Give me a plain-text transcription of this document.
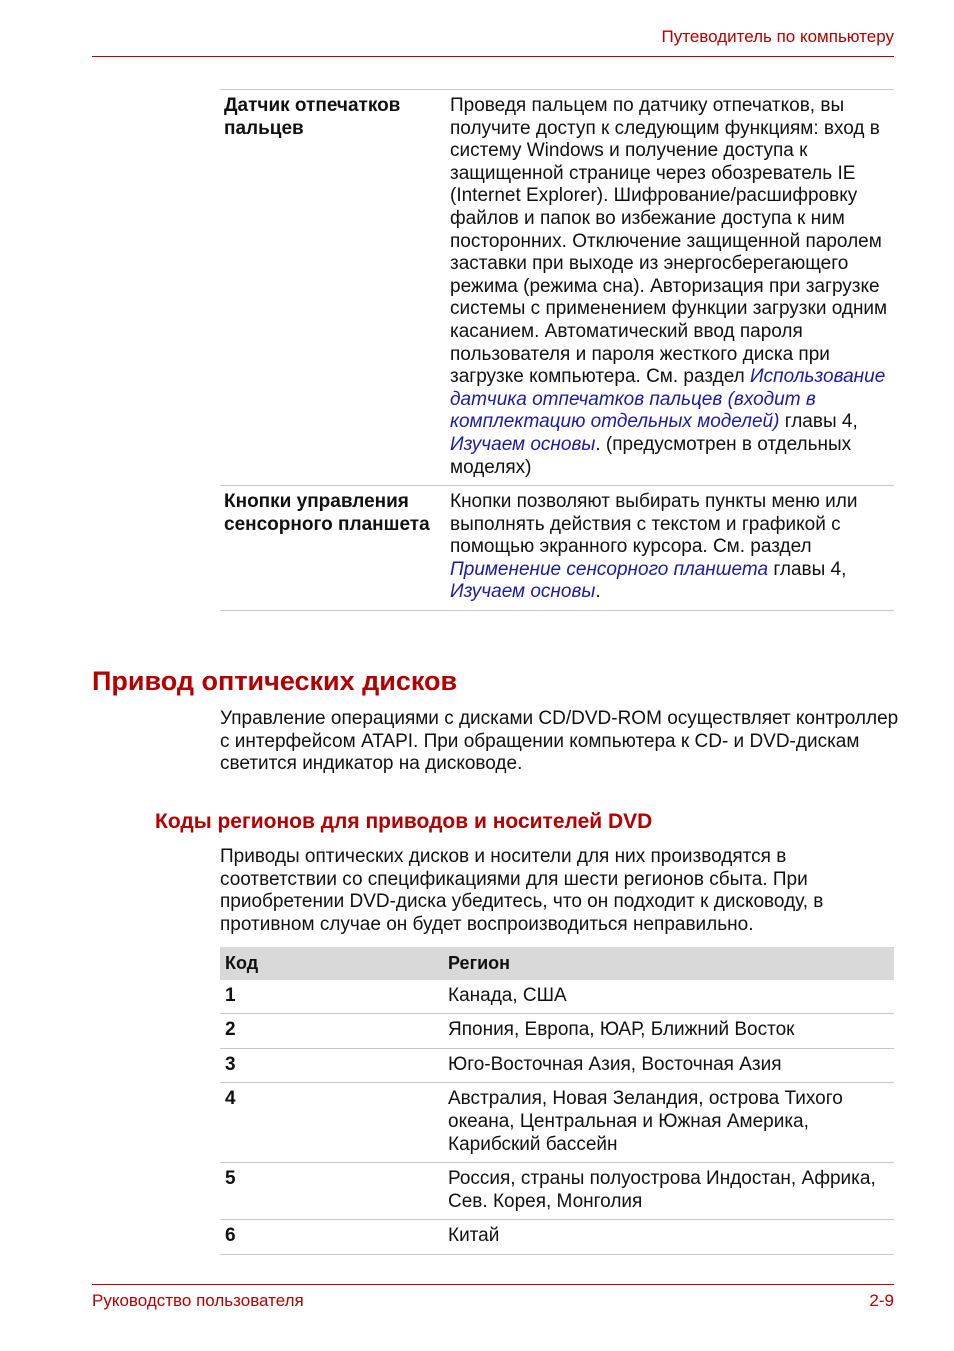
Путеводитель по компьютеру
Датчик отпечатков пальцев	Проведя пальцем по датчику отпечатков, вы получите доступ к следующим функциям: вход в систему Windows и получение доступа к защищенной странице через обозреватель IE (Internet Explorer). Шифрование/расшифровку файлов и папок во избежание доступа к ним посторонних. Отключение защищенной паролем заставки при выходе из энергосберегающего режима (режима сна). Авторизация при загрузке системы с применением функции загрузки одним касанием. Автоматический ввод пароля пользователя и пароля жесткого диска при загрузке компьютера. См. раздел Использование датчика отпечатков пальцев (входит в комплектацию отдельных моделей) главы 4, Изучаем основы. (предусмотрен в отдельных моделях)
Кнопки управления сенсорного планшета	Кнопки позволяют выбирать пункты меню или выполнять действия с текстом и графикой с помощью экранного курсора. См. раздел Применение сенсорного планшета главы 4, Изучаем основы.
Привод оптических дисков

Управление операциями с дисками CD/DVD-ROM осуществляет контроллер с интерфейсом ATAPI. При обращении компьютера к CD- и DVD-дискам светится индикатор на дисководе.

Коды регионов для приводов и носителей DVD

Приводы оптических дисков и носители для них производятся в соответствии со спецификациями для шести регионов сбыта. При приобретении DVD-диска убедитесь, что он подходит к дисководу, в противном случае он будет воспроизводиться неправильно.

Код	Регион
1	Канада, США
2	Япония, Европа, ЮАР, Ближний Восток
3	Юго-Восточная Азия, Восточная Азия
4	Австралия, Новая Зеландия, острова Тихого океана, Центральная и Южная Америка, Карибский бассейн
5	Россия, страны полуострова Индостан, Африка, Сев. Корея, Монголия
6	Китай
Руководство пользователя	2-9
